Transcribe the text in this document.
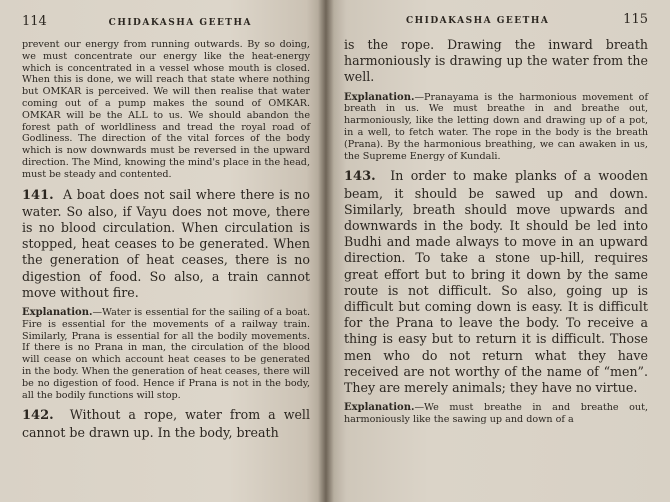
114	CHIDAKASHA GEETHA

prevent our energy from running outwards. By so doing, we must concentrate our energy like the heat-energy which is concentrated in a vessel whose mouth is closed. When this is done, we will reach that state where nothing but OMKAR is perceived. We will then realise that water coming out of a pump makes the sound of OMKAR. OMKAR will be the ALL to us. We should abandon the forest path of worldliness and tread the royal road of Godliness. The direction of the vital forces of the body which is now downwards must be reversed in the upward direction. The Mind, knowing the mind's place in the head, must be steady and contented.

141. A boat does not sail where there is no water. So also, if Vayu does not move, there is no blood circulation. When circulation is stopped, heat ceases to be generated. When the generation of heat ceases, there is no digestion of food. So also, a train cannot move without fire.

Explanation.—Water is essential for the sailing of a boat. Fire is essential for the movements of a railway train. Similarly, Prana is essential for all the bodily movements. If there is no Prana in man, the circulation of the blood will cease on which account heat ceases to be generated in the body. When the generation of heat ceases, there will be no digestion of food. Hence if Prana is not in the body, all the bodily functions will stop.

142. Without a rope, water from a well cannot be drawn up. In the body, breath

CHIDAKASHA GEETHA	115

is the rope. Drawing the inward breath harmoniously is drawing up the water from the well.

Explanation.—Pranayama is the harmonious movement of breath in us. We must breathe in and breathe out, harmoniously, like the letting down and drawing up of a pot, in a well, to fetch water. The rope in the body is the breath (Prana). By the harmonious breathing, we can awaken in us, the Supreme Energy of Kundali.

143. In order to make planks of a wooden beam, it should be sawed up and down. Similarly, breath should move upwards and downwards in the body. It should be led into Budhi and made always to move in an upward direction. To take a stone up-hill, requires great effort but to bring it down by the same route is not difficult. So also, going up is difficult but coming down is easy. It is difficult for the Prana to leave the body. To receive a thing is easy but to return it is difficult. Those men who do not return what they have received are not worthy of the name of “men”. They are merely animals; they have no virtue.

Explanation.—We must breathe in and breathe out, harmoniously like the sawing up and down of a
